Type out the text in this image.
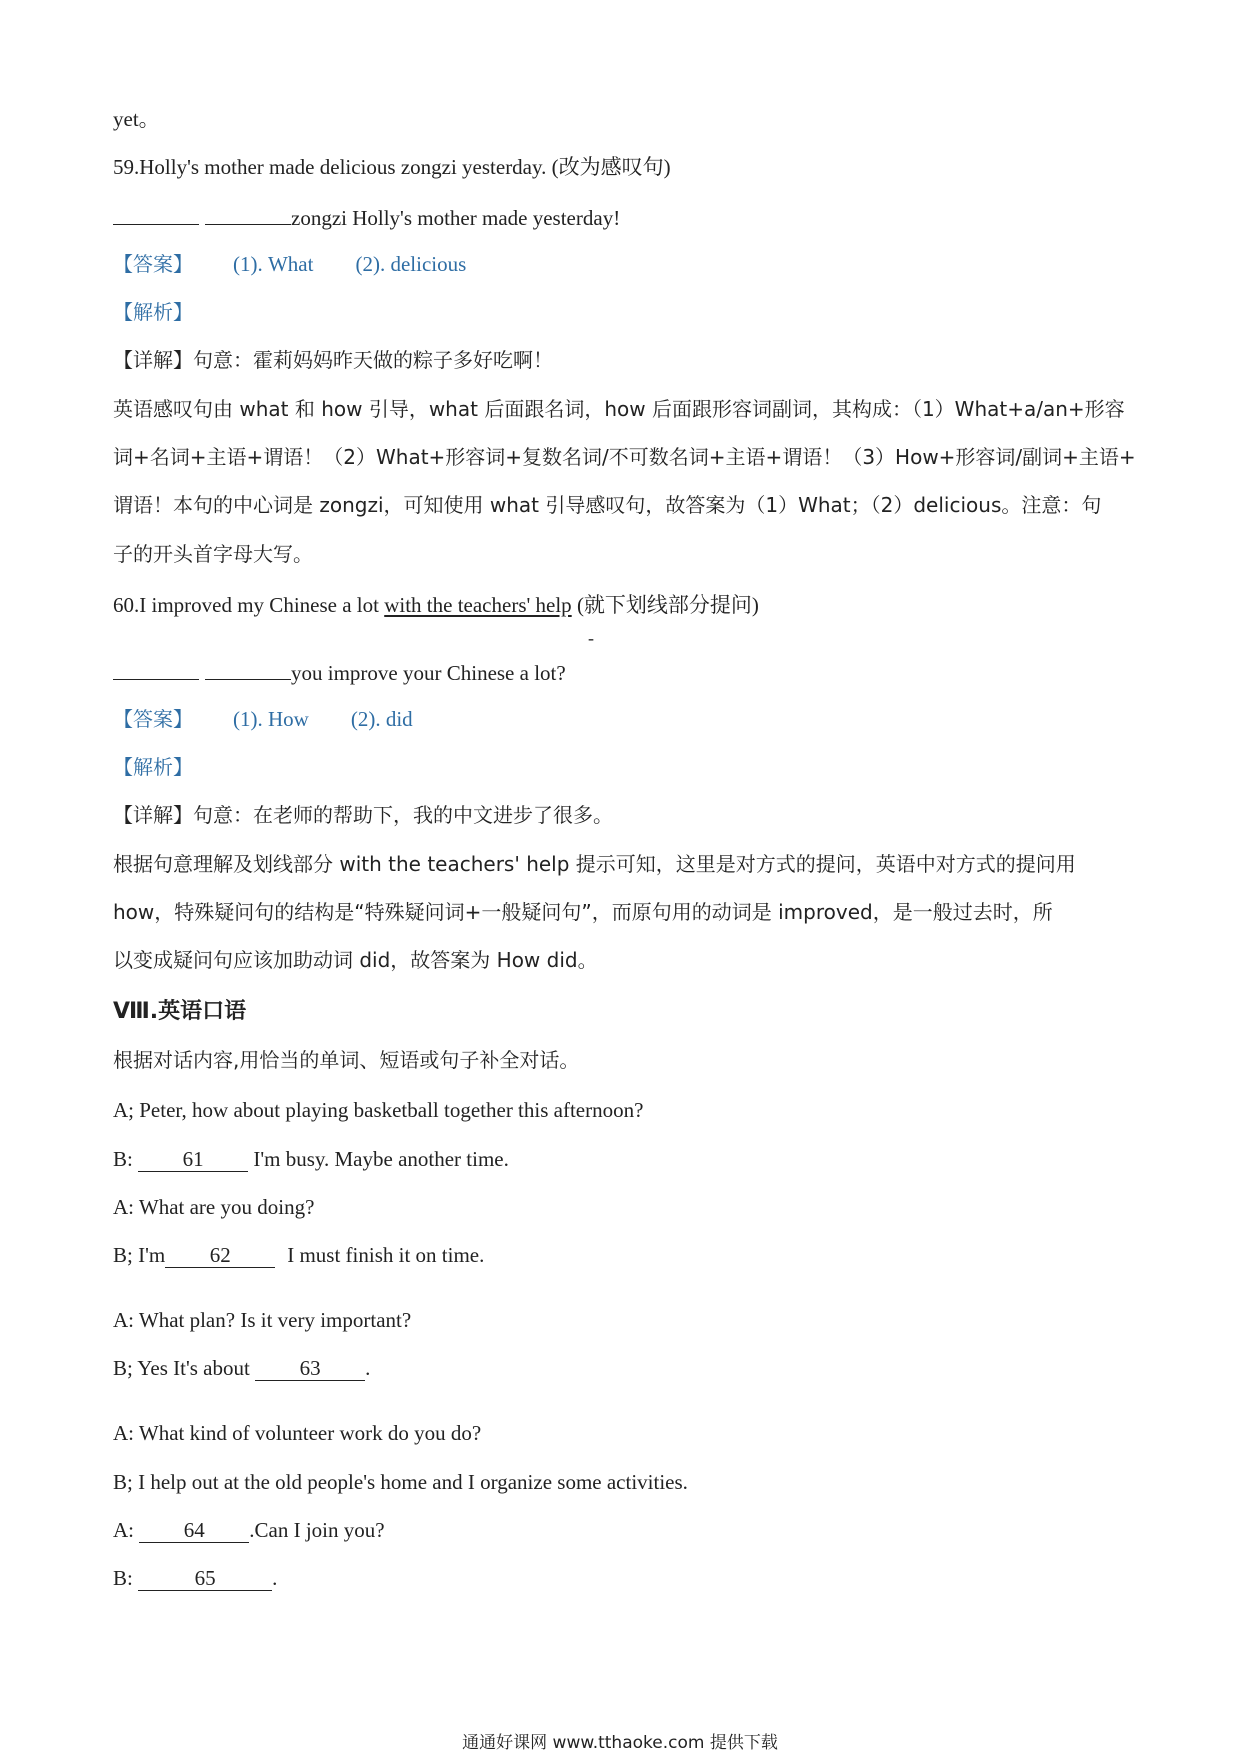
yet。
59.Holly's mother made delicious zongzi yesterday. (改为感叹句)
zongzi Holly's mother made yesterday!
【答案】 (1). What (2). delicious
【解析】
【详解】句意：霍莉妈妈昨天做的粽子多好吃啊！
英语感叹句由 what 和 how 引导，what 后面跟名词，how 后面跟形容词副词，其构成：（1）What+a/an+形容
词+名词+主语+谓语！（2）What+形容词+复数名词/不可数名词+主语+谓语！（3）How+形容词/副词+主语+
谓语！本句的中心词是 zongzi，可知使用 what 引导感叹句，故答案为（1）What；（2）delicious。注意：句
子的开头首字母大写。
60.I improved my Chinese a lot with the teachers' help (就下划线部分提问)
-
you improve your Chinese a lot?
【答案】 (1). How (2). did
【解析】
【详解】句意：在老师的帮助下，我的中文进步了很多。
根据句意理解及划线部分 with the teachers' help 提示可知，这里是对方式的提问，英语中对方式的提问用
how，特殊疑问句的结构是“特殊疑问词+一般疑问句”，而原句用的动词是 improved，是一般过去时，所
以变成疑问句应该加助动词 did，故答案为 How did。
Ⅷ.英语口语
根据对话内容,用恰当的单词、短语或句子补全对话。
A; Peter, how about playing basketball together this afternoon?
B: 61 I'm busy. Maybe another time.
A: What are you doing?
B; I'm 62	I must finish it on time.
A: What plan? Is it very important?
B; Yes It's about 63 .
A: What kind of volunteer work do you do?
B; I help out at the old people's home and I organize some activities.
A: 64 .Can I join you?
B:	65	.
通通好课网 www.tthaoke.com 提供下载
